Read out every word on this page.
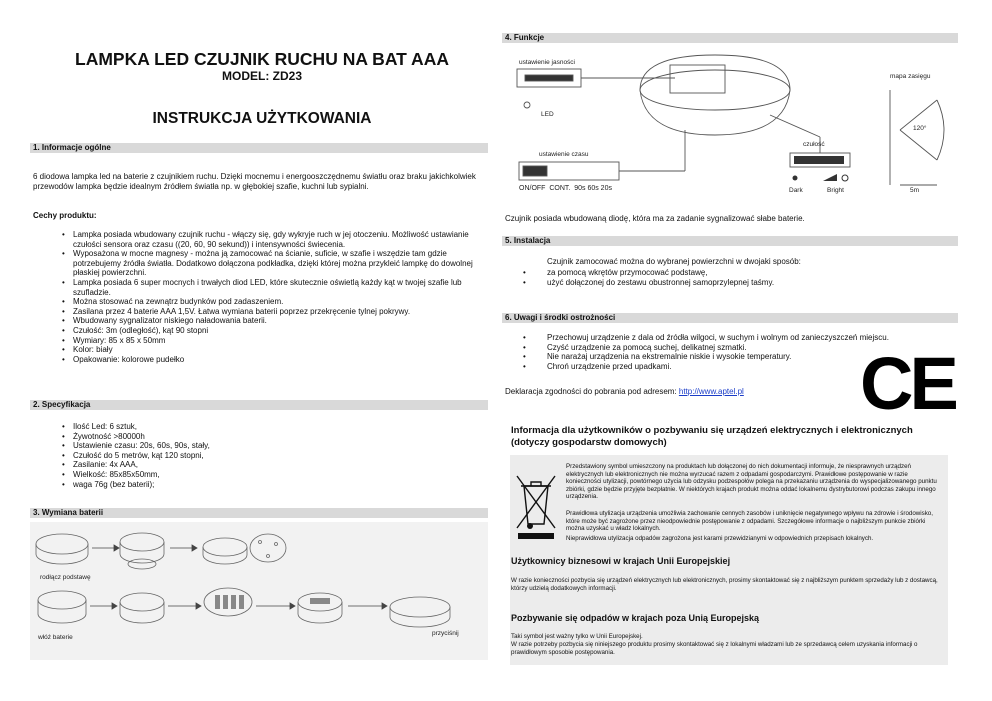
LAMPKA LED CZUJNIK RUCHU NA BAT AAA
MODEL: ZD23
INSTRUKCJA UŻYTKOWANIA
1. Informacje ogólne
6 diodowa lampka led na baterie z czujnikiem ruchu. Dzięki mocnemu i energooszczędnemu światłu oraz braku jakichkolwiek przewodów lampka będzie idealnym źródłem światła np. w głębokiej szafie, kuchni lub sypialni.
Cechy produktu:
• Lampka posiada wbudowany czujnik ruchu - włączy się, gdy wykryje ruch w jej otoczeniu. Możliwość ustawianie czułości sensora oraz czasu ((20, 60, 90 sekund)) i intensywności świecenia.
• Wyposażona w mocne magnesy - można ją zamocować na ścianie, suficie, w szafie i wszędzie tam gdzie potrzebujemy źródła światła. Dodatkowo dołączona podkładka, dzięki której można przykleić lampkę do dowolnej płaskiej powierzchni.
• Lampka posiada 6 super mocnych i trwałych diod LED, które skutecznie oświetlą każdy kąt w twojej szafie lub szufladzie.
• Można stosować na zewnątrz budynków pod zadaszeniem.
• Zasilana przez 4 baterie AAA 1,5V. Łatwa wymiana baterii poprzez przekręcenie tylnej pokrywy.
• Wbudowany sygnalizator niskiego naładowania baterii.
• Czułość: 3m (odległość), kąt 90 stopni
• Wymiary: 85 x 85 x 50mm
• Kolor: biały
• Opakowanie: kolorowe pudełko
2. Specyfikacja
• Ilość Led: 6 sztuk,
• Żywotność >80000h
• Ustawienie czasu: 20s, 60s, 90s, stały,
• Czułość do 5 metrów, kąt 120 stopni,
• Zasilanie: 4x AAA,
• Wielkość: 85x85x50mm,
• waga 76g (bez baterii);
3. Wymiana baterii
rodłącz podstawę
włóż baterie
przyciśnij
4. Funkcje
ustawienie jasności
LED
ustawienie czasu
ON/OFF  CONT.  90s 60s 20s
czułość
Dark	Bright
mapa zasięgu
120°
5m
Czujnik posiada wbudowaną diodę, która ma za zadanie sygnalizować słabe baterie.
5. Instalacja
Czujnik zamocować można do wybranej powierzchni w dwojaki sposób:
• za pomocą wkrętów przymocować podstawę,
• użyć dołączonej do zestawu obustronnej samoprzylepnej taśmy.
6. Uwagi i środki ostrożności
• Przechowuj urządzenie z dala od źródła wilgoci, w suchym i wolnym od zanieczyszczeń miejscu.
• Czyść urządzenie za pomocą suchej, delikatnej szmatki.
• Nie narażaj urządzenia na ekstremalnie niskie i wysokie temperatury.
• Chroń urządzenie przed upadkami.
Deklaracja zgodności do pobrania pod adresem: http://www.aptel.pl CE
Informacja dla użytkowników o pozbywaniu się urządzeń elektrycznych i elektronicznych (dotyczy gospodarstw domowych)
Przedstawiony symbol umieszczony na produktach lub dołączonej do nich dokumentacji informuje, że niesprawnych urządzeń elektrycznych lub elektronicznych nie można wyrzucać razem z odpadami gospodarczymi. Prawidłowe postępowanie w razie konieczności utylizacji, powtórnego użycia lub odzysku podzespołów polega na przekazaniu urządzenia do wyspecjalizowanego punktu zbiórki, gdzie będzie przyjęte bezpłatnie. W niektórych krajach produkt można oddać lokalnemu dystrybutorowi podczas zakupu innego urządzenia.
Prawidłowa utylizacja urządzenia umożliwia zachowanie cennych zasobów i uniknięcie negatywnego wpływu na zdrowie i środowisko, które może być zagrożone przez nieodpowiednie postępowanie z odpadami. Szczegółowe informacje o najbliższym punkcie zbiórki można uzyskać u władz lokalnych.
Nieprawidłowa utylizacja odpadów zagrożona jest karami przewidzianymi w odpowiednich przepisach lokalnych.
Użytkownicy biznesowi w krajach Unii Europejskiej
W razie konieczności pozbycia się urządzeń elektrycznych lub elektronicznych, prosimy skontaktować się z najbliższym punktem sprzedaży lub z dostawcą, którzy udzielą dodatkowych informacji.
Pozbywanie się odpadów w krajach poza Unią Europejską
Taki symbol jest ważny tylko w Unii Europejskej.
W razie potrzeby pozbycia się niniejszego produktu prosimy skontaktować się z lokalnymi władzami lub ze sprzedawcą celem uzyskania informacji o prawidłowym sposobie postępowania.
